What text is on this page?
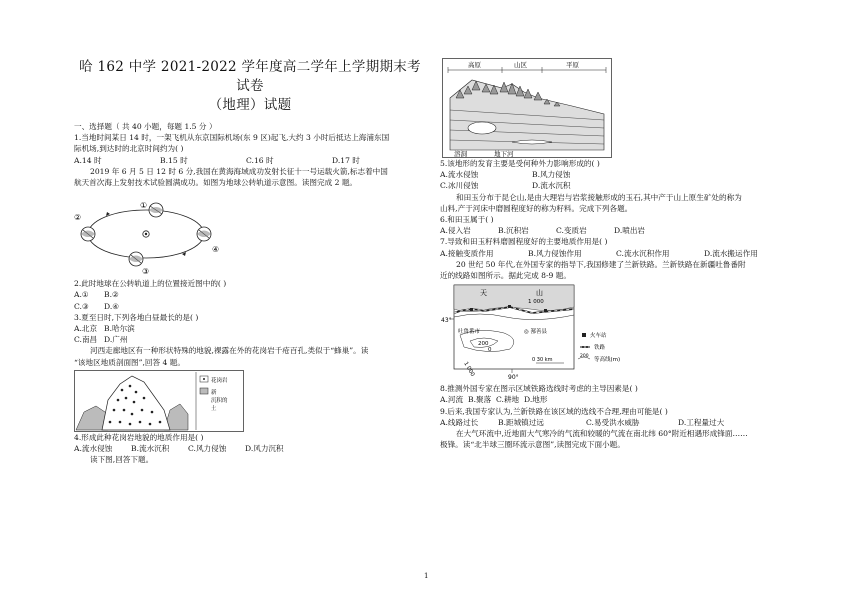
哈 162 中学 2021-2022 学年度高二学年上学期期末考试卷
（地理）试题

一、选择题（ 共 40 小题，每题 1.5 分 ）

1.当地时间某日 14 时，一架飞机从东京国际机场(东 9 区)起飞,大约 3 小时后抵达上海浦东国

际机场,到达时的北京时间约为( )

A.14 时	B.15 时	C.16 时	D.17 时

2019 年 6 月 5 日 12 时 6 分,我国在黄海海域成功发射长征十一号运载火箭,标志着中国

航天首次海上发射技术试验圆满成功。如图为地球公转轨道示意图。读图完成 2 题。

①
②
③
④

2.此时地球在公转轨道上的位置接近图中的( )

A.①	B.②
C.③	D.④

3.夏至日时,下列各地白昼最长的是( )

A.北京 B.哈尔滨
C.南昌 D.广州

河西走廊地区有一种形状特殊的地貌,裸露在外的花岗岩千疮百孔,类似于“蜂巢”。读

“该地区地质剖面图”,回答 4 题。

花岗岩
新
沉积的
土

4.形成此种花岗岩地貌的地质作用是( )

A.流水侵蚀	B.流水沉积	C.风力侵蚀	D.风力沉积

读下图,回答下题。

高原	山区	平原
溶洞	地下河

5.该地形的发育主要是受何种外力影响形成的( )

A.流水侵蚀	B.风力侵蚀
C.冰川侵蚀	D.流水沉积

和田玉分布于昆仑山,是由大理岩与岩浆接触形成的玉石,其中产于山上原生矿处的称为

山料,产于河床中磨圆程度好的称为籽料。完成下列各题。

6.和田玉属于( )

A.侵入岩	B.沉积岩	C.变质岩	D.喷出岩

7.导致和田玉籽料磨圆程度好的主要地质作用是( )

A.接触变质作用	B.风力侵蚀作用	C.流水沉积作用	D.流水搬运作用

20 世纪 50 年代,在外国专家的指导下,我国修建了兰新铁路。兰新铁路在新疆吐鲁番附

近的线路如图所示。据此完成 8-9 题。

天	山
1 000
43°
吐鲁番市	◎ 鄯善县
200
0
1 000
0 30 km
90°
火车站
铁路
200
等高线(m)

8.推测外国专家在图示区域铁路选线时考虑的主导因素是( )

A.河流 B.聚落 C.耕地 D.地形

9.后来,我国专家认为,兰新铁路在该区域的选线不合理,理由可能是( )

A.线路过长	B.距城镇过远	C.易受洪水威胁	D.工程量过大

在大气环流中,近地面大气寒冷的气流和较暖的气流在南北纬 60°附近相遇形成锋面……

极锋。读“北半球三圈环流示意图”,读图完成下面小题。

1
